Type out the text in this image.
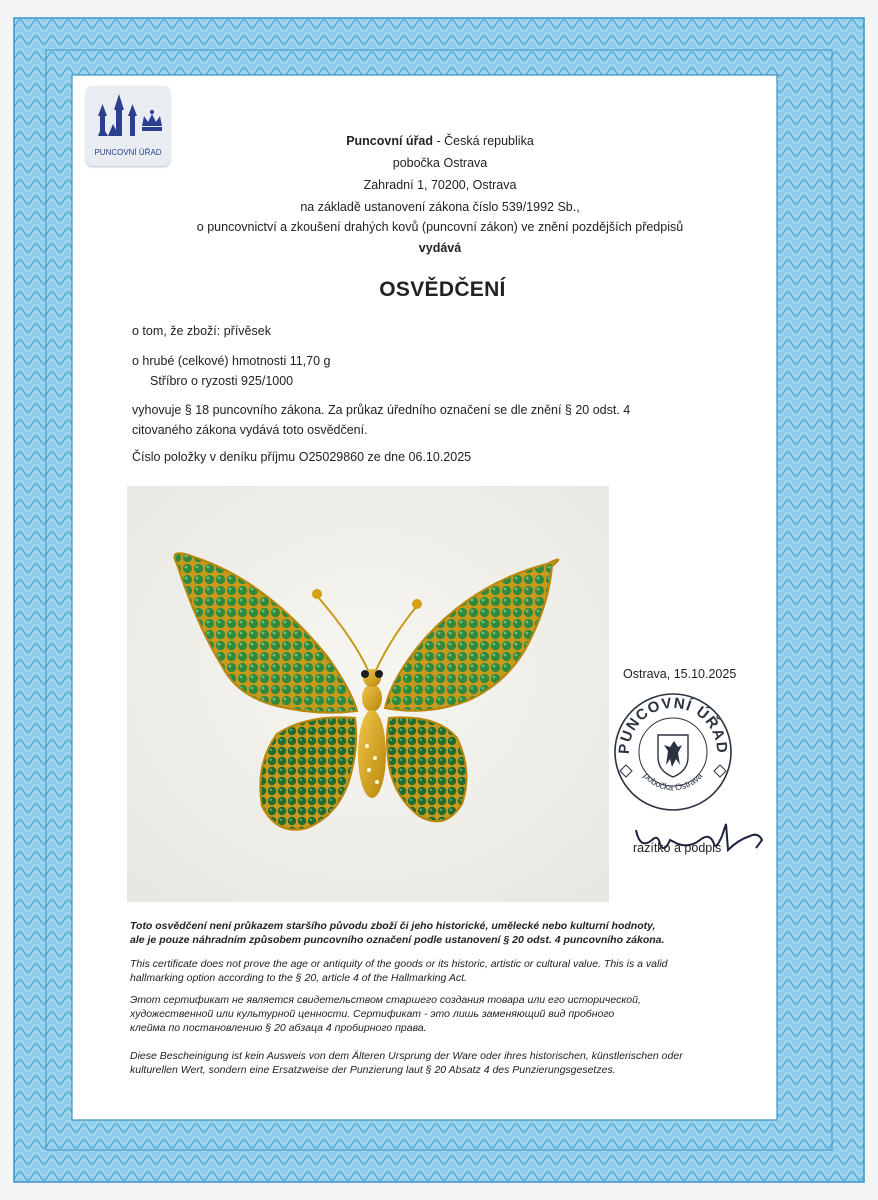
PUNCOVNÍ ÚŘAD
Puncovní úřad - Česká republika
pobočka Ostrava
Zahradní 1, 70200, Ostrava
na základě ustanovení zákona číslo 539/1992 Sb.,
o puncovnictví a zkoušení drahých kovů (puncovní zákon) ve znění pozdějších předpisů
vydává
OSVĚDČENÍ
o tom, že zboží: přívěsek
o hrubé (celkové) hmotnosti 11,70 g
Stříbro o ryzosti 925/1000
vyhovuje § 18 puncovního zákona. Za průkaz úředního označení se dle znění § 20 odst. 4
citovaného zákona vydává toto osvědčení.
Číslo položky v deníku příjmu O25029860 ze dne 06.10.2025
Ostrava, 15.10.2025
PUNCOVNÍ ÚŘAD
pobočka Ostrava
razítko a podpis
Toto osvědčení není průkazem staršího původu zboží či jeho historické, umělecké nebo kulturní hodnoty,
ale je pouze náhradním způsobem puncovního označení podle ustanovení § 20 odst. 4 puncovního zákona.
This certificate does not prove the age or antiquity of the goods or its historic, artistic or cultural value. This is a valid
hallmarking option according to the § 20, article 4 of the Hallmarking Act.
Этот сертификат не является свидетельством старшего создания товара или его исторической,
художественной или культурной ценности. Сертификат - это лишь заменяющий вид пробного
клейма по постановлению § 20 абзаца 4 пробирного права.
Diese Bescheinigung ist kein Ausweis von dem Älteren Ursprung der Ware oder ihres historischen, künstlerischen oder
kulturellen Wert, sondern eine Ersatzweise der Punzierung laut § 20 Absatz 4 des Punzierungsgesetzes.
